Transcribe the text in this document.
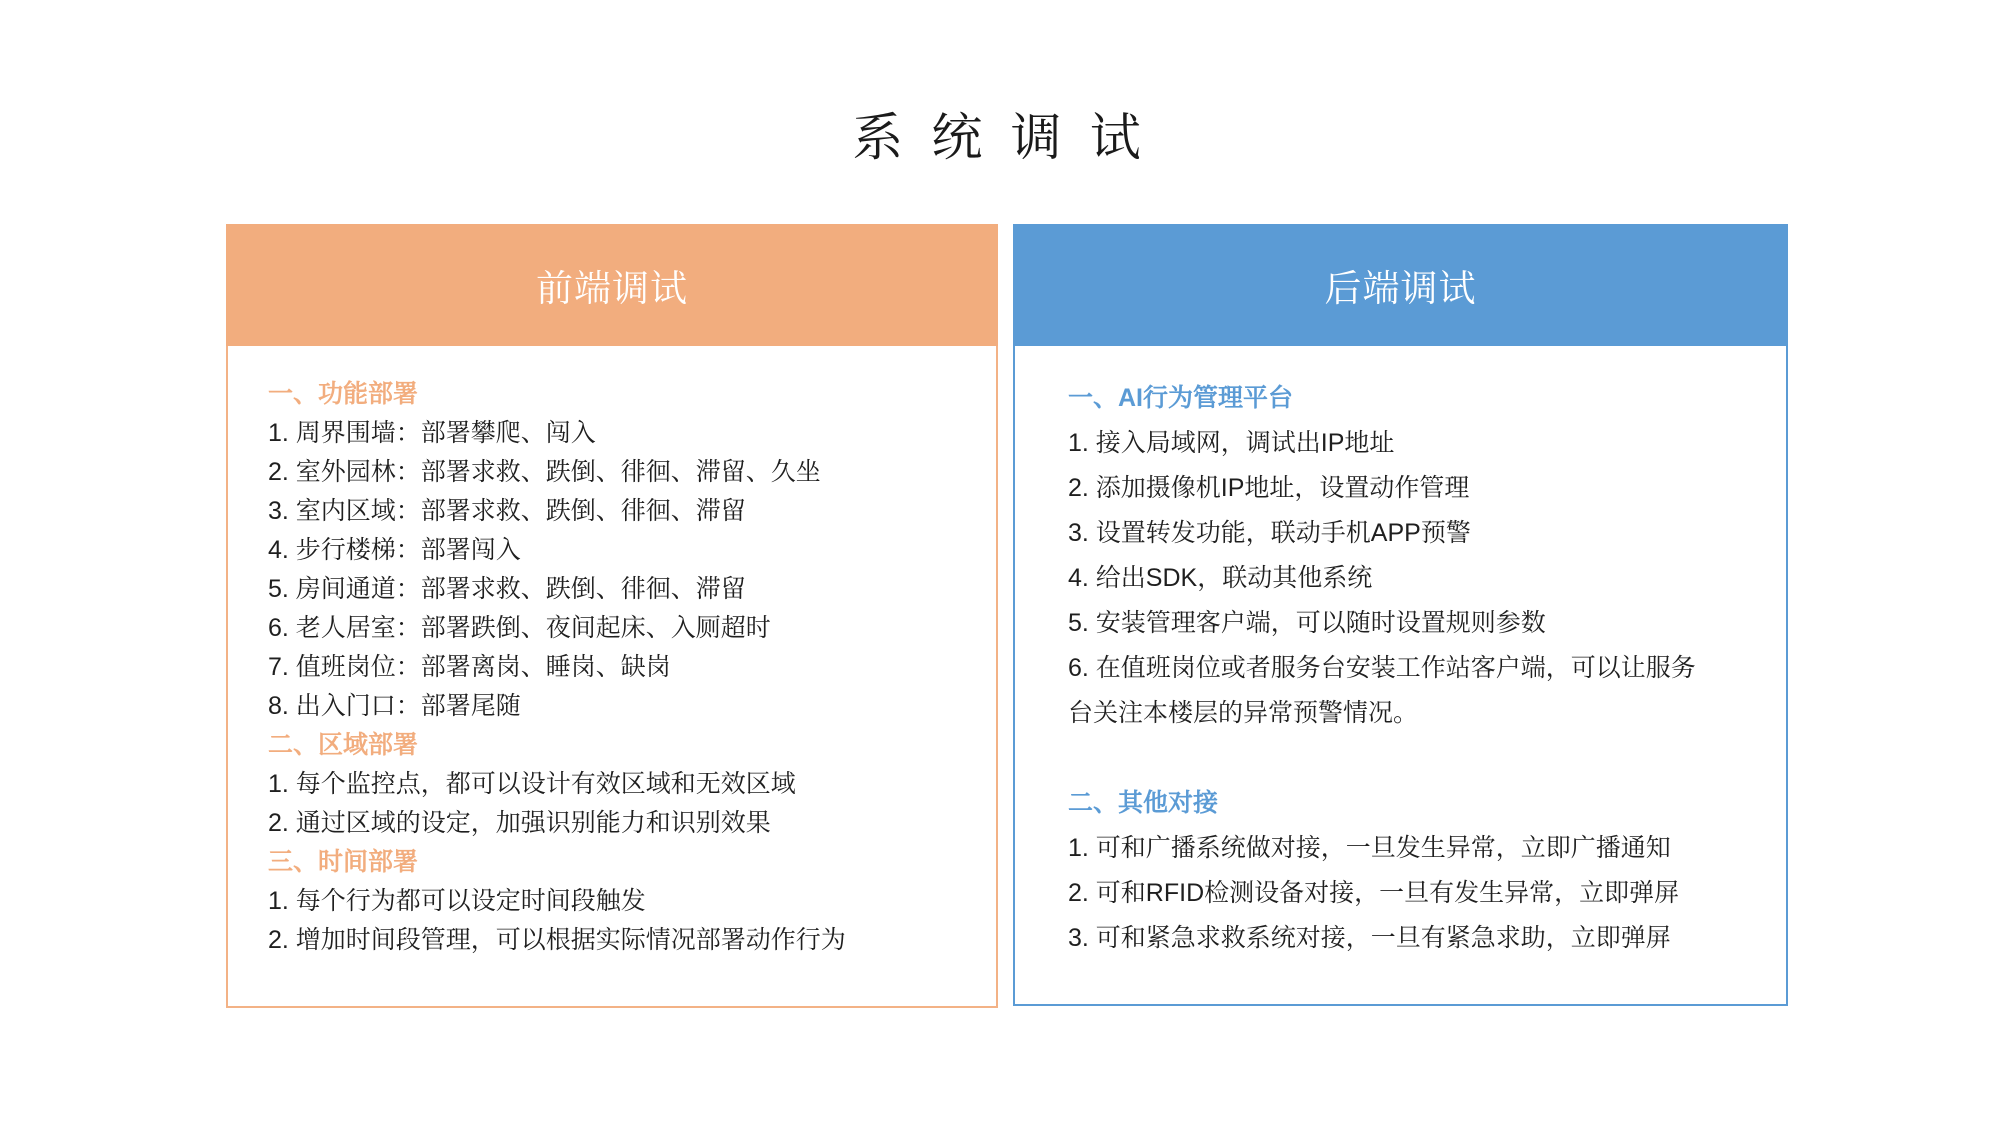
系 统 调 试
前端调试
一、功能部署
1. 周界围墙：部署攀爬、闯入
2. 室外园林：部署求救、跌倒、徘徊、滞留、久坐
3. 室内区域：部署求救、跌倒、徘徊、滞留
4. 步行楼梯：部署闯入
5. 房间通道：部署求救、跌倒、徘徊、滞留
6. 老人居室：部署跌倒、夜间起床、入厕超时
7. 值班岗位：部署离岗、睡岗、缺岗
8. 出入门口：部署尾随
二、区域部署
1. 每个监控点，都可以设计有效区域和无效区域
2. 通过区域的设定，加强识别能力和识别效果
三、时间部署
1. 每个行为都可以设定时间段触发
2. 增加时间段管理，可以根据实际情况部署动作行为
后端调试
一、AI行为管理平台
1. 接入局域网，调试出IP地址
2. 添加摄像机IP地址，设置动作管理
3. 设置转发功能，联动手机APP预警
4. 给出SDK，联动其他系统
5. 安装管理客户端，可以随时设置规则参数
6. 在值班岗位或者服务台安装工作站客户端，可以让服务台关注本楼层的异常预警情况。
二、其他对接
1. 可和广播系统做对接，一旦发生异常，立即广播通知
2. 可和RFID检测设备对接，一旦有发生异常，立即弹屏
3. 可和紧急求救系统对接，一旦有紧急求助，立即弹屏
